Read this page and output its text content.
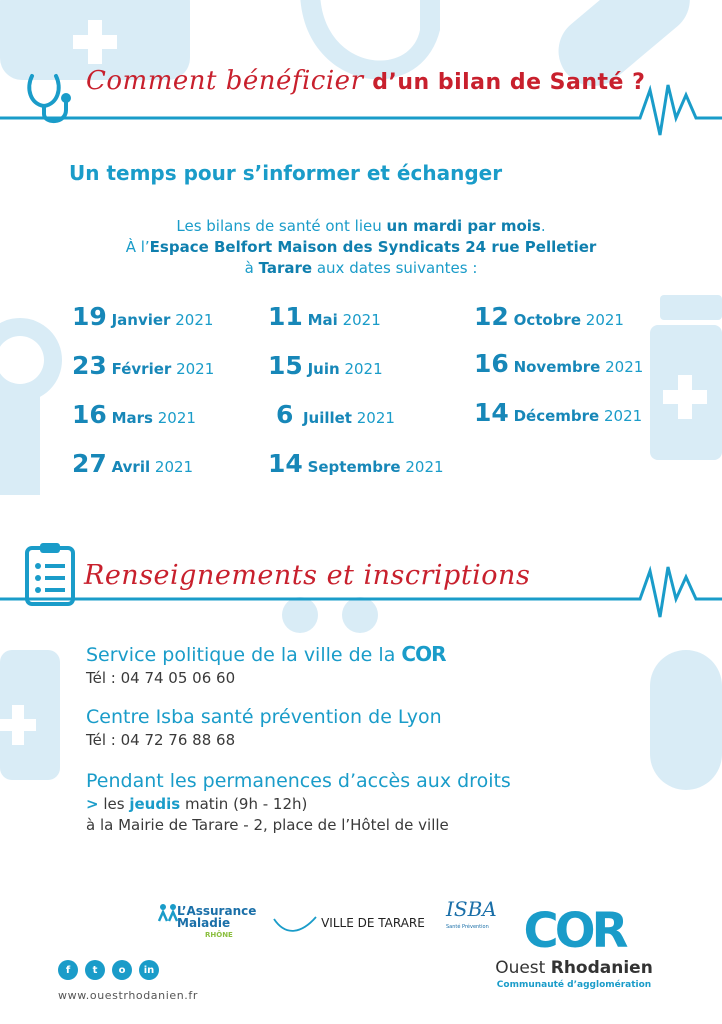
Comment bénéficier d’un bilan de Santé ?
Un temps pour s’informer et échanger
Les bilans de santé ont lieu un mardi par mois.
À l’Espace Belfort Maison des Syndicats 24 rue Pelletier
à Tarare aux dates suivantes :
19 Janvier 2021
23 Février 2021
16 Mars 2021
27 Avril 2021
11 Mai 2021
15 Juin 2021
6 Juillet 2021
14 Septembre 2021
12 Octobre 2021
16 Novembre 2021
14 Décembre 2021
Renseignements et inscriptions
Service politique de la ville de la COR
Tél : 04 74 05 06 60
Centre Isba santé prévention de Lyon
Tél : 04 72 76 88 68
Pendant les permanences d’accès aux droits
> les jeudis matin (9h - 12h)
à la Mairie de Tarare - 2, place de l’Hôtel de ville
L’Assurance
Maladie
RHÔNE
VILLE DE TARARE
ISBA
Santé Prévention COR
Ouest Rhodanien
Communauté d’agglomération
f	t	o	in
www.ouestrhodanien.fr
